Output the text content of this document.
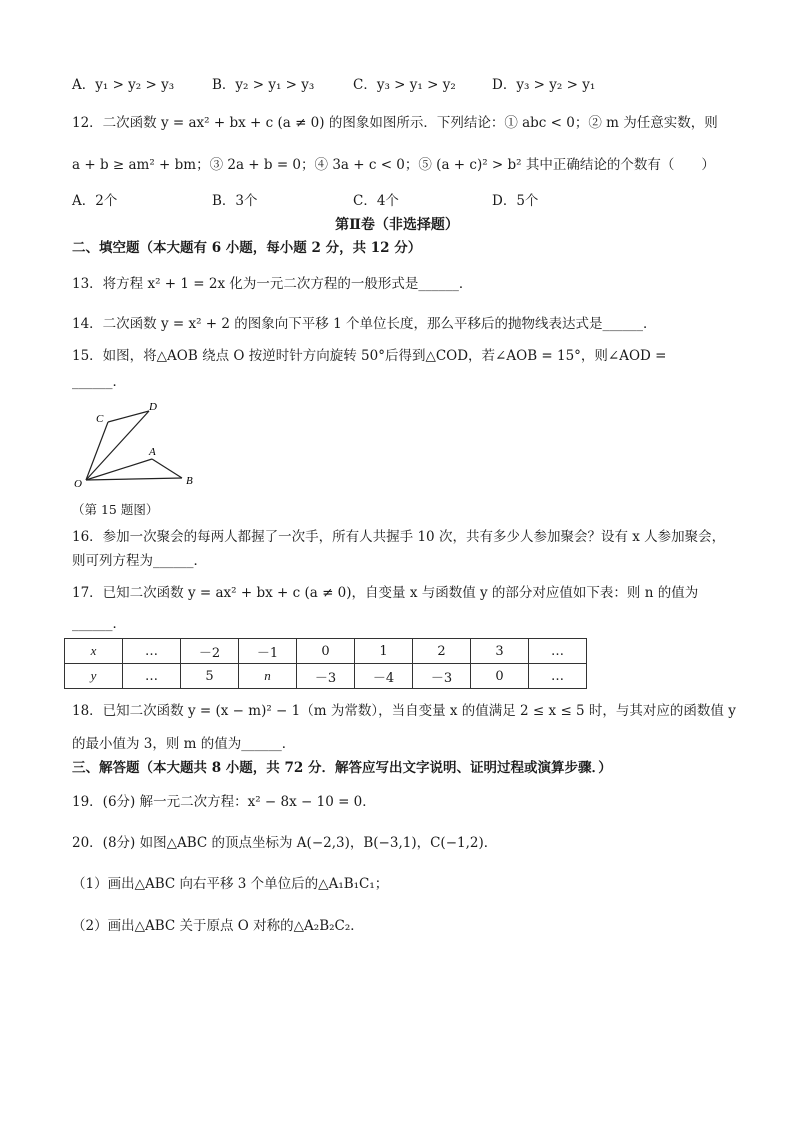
A．y₁ > y₂ > y₃	B．y₂ > y₁ > y₃	C．y₃ > y₁ > y₂	D．y₃ > y₂ > y₁
12．二次函数 y = ax² + bx + c (a ≠ 0) 的图象如图所示．下列结论：① abc < 0；② m 为任意实数，则
a + b ≥ am² + bm；③ 2a + b = 0；④ 3a + c < 0；⑤ (a + c)² > b² 其中正确结论的个数有（　　）
A．2个	B．3个	C．4个	D．5个
第Ⅱ卷（非选择题）
二、填空题（本大题有 6 小题，每小题 2 分，共 12 分）
13．将方程 x² + 1 = 2x 化为一元二次方程的一般形式是______．
14．二次函数 y = x² + 2 的图象向下平移 1 个单位长度，那么平移后的抛物线表达式是______．
15．如图，将△AOB 绕点 O 按逆时针方向旋转 50°后得到△COD，若∠AOB = 15°，则∠AOD =
______．
C
D
A
B
O
（第 15 题图）
16．参加一次聚会的每两人都握了一次手，所有人共握手 10 次，共有多少人参加聚会？设有 x 人参加聚会，
则可列方程为______．
17．已知二次函数 y = ax² + bx + c (a ≠ 0)，自变量 x 与函数值 y 的部分对应值如下表：则 n 的值为
______．
x	…	－2	－1	0	1	2	3	…
y	…	5	n	－3	－4	－3	0	…
18．已知二次函数 y = (x − m)² − 1（m 为常数），当自变量 x 的值满足 2 ≤ x ≤ 5 时，与其对应的函数值 y
的最小值为 3，则 m 的值为______．
三、解答题（本大题共 8 小题，共 72 分．解答应写出文字说明、证明过程或演算步骤．）
19．(6分) 解一元二次方程：x² − 8x − 10 = 0．
20．(8分) 如图△ABC 的顶点坐标为 A(−2,3)，B(−3,1)，C(−1,2)．
（1）画出△ABC 向右平移 3 个单位后的△A₁B₁C₁；
（2）画出△ABC 关于原点 O 对称的△A₂B₂C₂．
